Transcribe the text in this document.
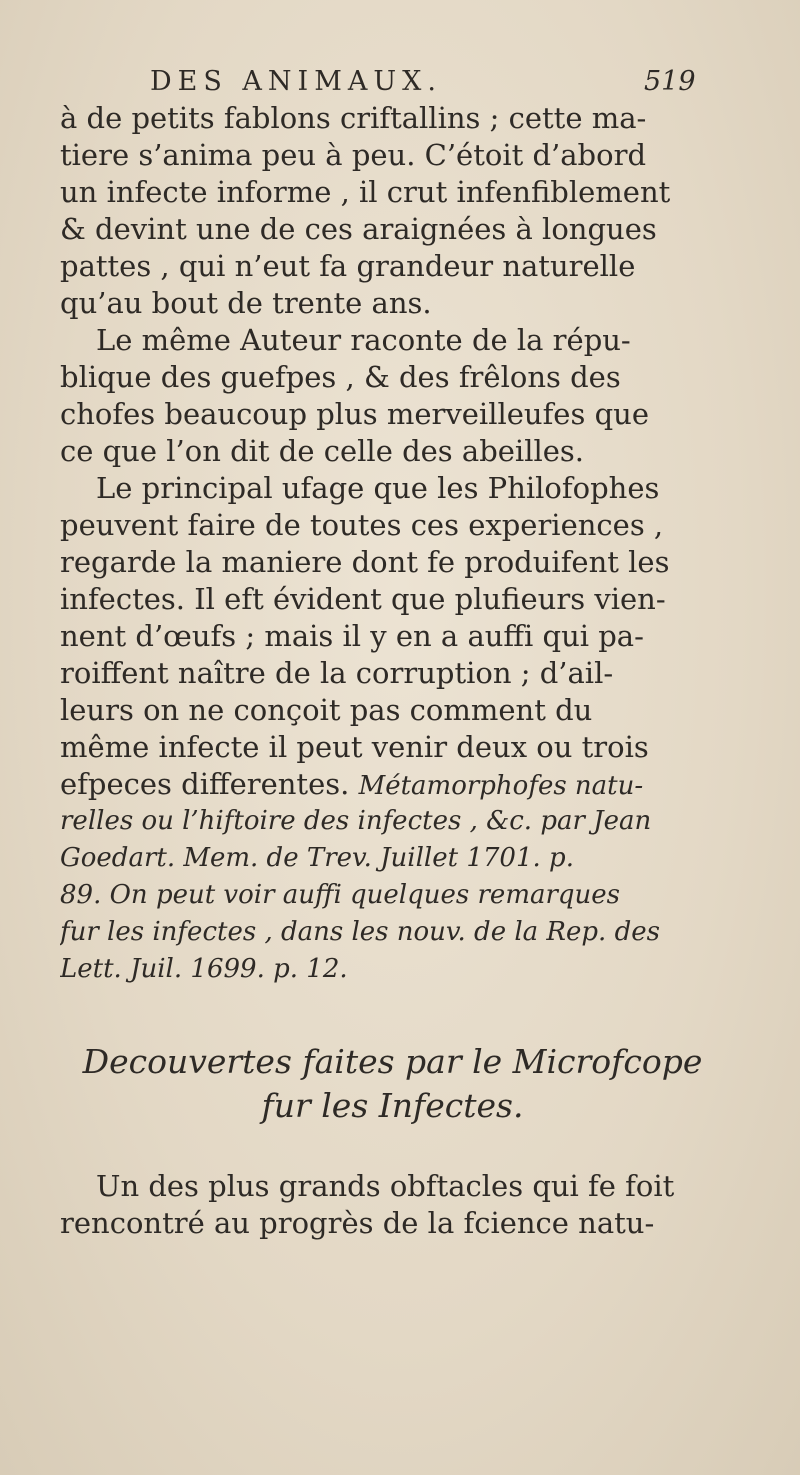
DES ANIMAUX.	519
à de petits fablons criftallins ; cette ma-
tiere s’anima peu à peu. C’étoit d’abord
un infecte informe , il crut infenfiblement
& devint une de ces araignées à longues
pattes , qui n’eut fa grandeur naturelle
qu’au bout de trente ans.
Le même Auteur raconte de la répu-
blique des guefpes , & des frêlons des
chofes beaucoup plus merveilleufes que
ce que l’on dit de celle des abeilles.
Le principal ufage que les Philofophes
peuvent faire de toutes ces experiences ,
regarde la maniere dont fe produifent les
infectes. Il eft évident que plufieurs vien-
nent d’œufs ; mais il y en a auffi qui pa-
roiffent naître de la corruption ; d’ail-
leurs on ne conçoit pas comment du
même infecte il peut venir deux ou trois
efpeces differentes. Métamorphofes natu-
relles ou l’hiftoire des infectes , &c. par Jean
Goedart. Mem. de Trev. Juillet 1701. p.
89. On peut voir auffi quelques remarques
fur les infectes , dans les nouv. de la Rep. des
Lett. Juil. 1699. p. 12.
Decouvertes faites par le Microfcope
fur les Infectes.
Un des plus grands obftacles qui fe foit
rencontré au progrès de la fcience natu-
